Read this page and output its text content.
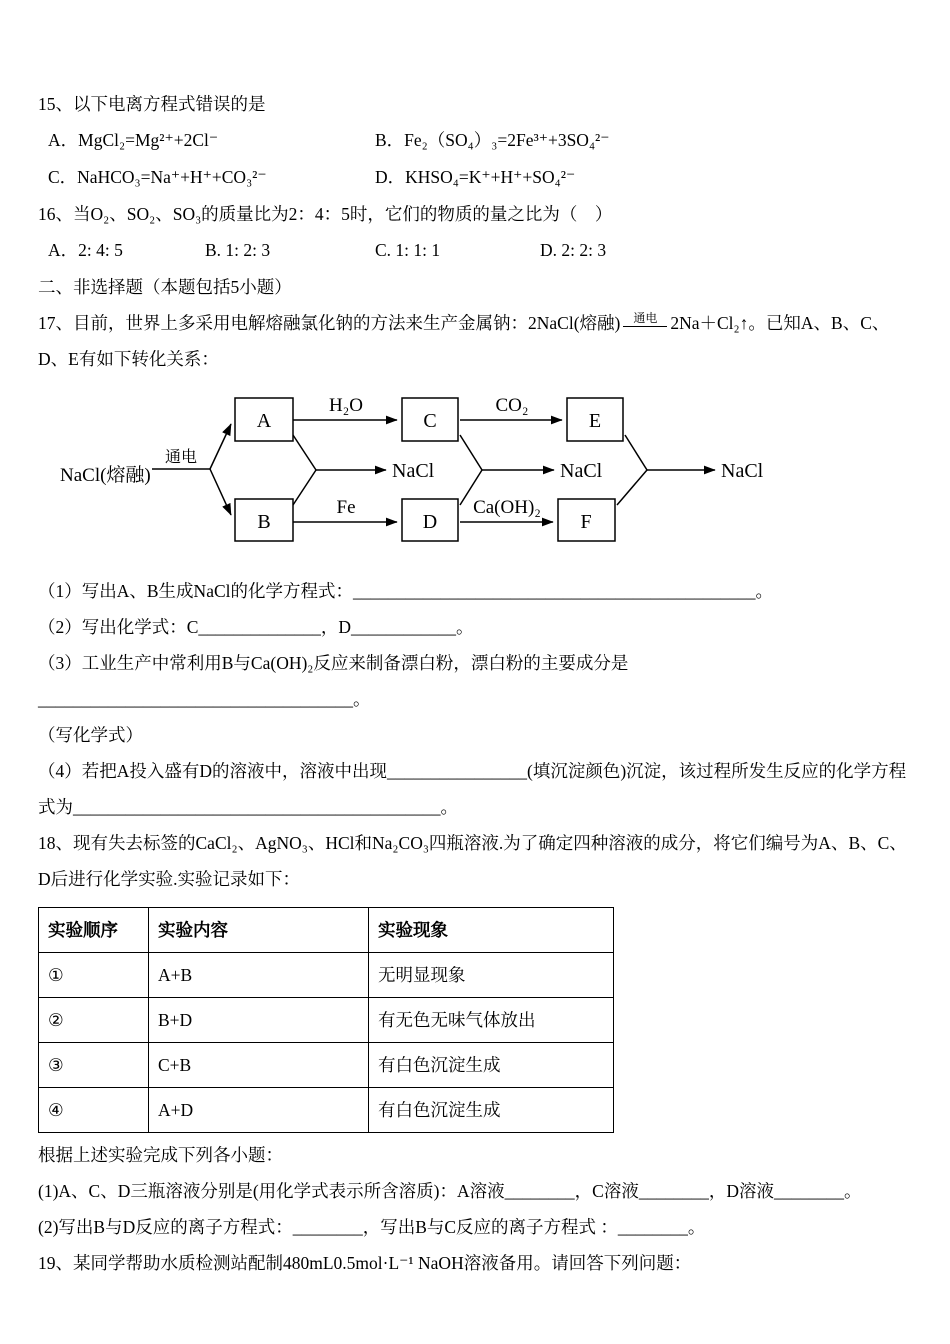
15、以下电离方程式错误的是

A．MgCl₂=Mg²⁺+2Cl⁻	B．Fe₂（SO₄）₃=2Fe³⁺+3SO₄²⁻
C．NaHCO₃=Na⁺+H⁺+CO₃²⁻	D．KHSO₄=K⁺+H⁺+SO₄²⁻

16、当O₂、SO₂、SO₃的质量比为2：4：5时，它们的物质的量之比为（　）

A．2: 4: 5	B. 1: 2: 3	C. 1: 1: 1	D. 2: 2: 3

二、非选择题（本题包括5小题）

17、目前，世界上多采用电解熔融氯化钠的方法来生产金属钠：2NaCl(熔融)	通电 2Na＋Cl₂↑。已知A、B、C、D、E有如下转化关系：

NaCl(熔融)
通电
A
B
H₂O
C
CO₂
E
Fe
D
Ca(OH)₂
F
NaCl	NaCl	NaCl

（1）写出A、B生成NaCl的化学方程式：______________________________________________。

（2）写出化学式：C______________，D____________。

（3）工业生产中常利用B与Ca(OH)₂反应来制备漂白粉，漂白粉的主要成分是____________________________________。

（写化学式）

（4）若把A投入盛有D的溶液中，溶液中出现________________(填沉淀颜色)沉淀，该过程所发生反应的化学方程式为__________________________________________。

18、现有失去标签的CaCl₂、AgNO₃、HCl和Na₂CO₃四瓶溶液.为了确定四种溶液的成分，将它们编号为A、B、C、D后进行化学实验.实验记录如下：

实验顺序	实验内容	实验现象
①	A+B	无明显现象
②	B+D	有无色无味气体放出
③	C+B	有白色沉淀生成
④	A+D	有白色沉淀生成

根据上述实验完成下列各小题：

(1)A、C、D三瓶溶液分别是(用化学式表示所含溶质)：A溶液________，C溶液________，D溶液________。

(2)写出B与D反应的离子方程式：________，写出B与C反应的离子方程式 ：________。

19、某同学帮助水质检测站配制480mL0.5mol·L⁻¹ NaOH溶液备用。请回答下列问题：
